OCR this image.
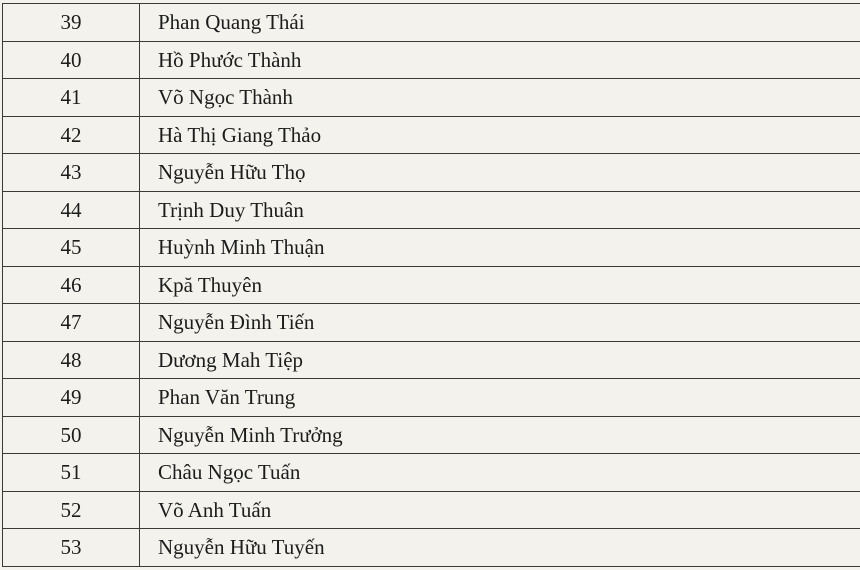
39	Phan Quang Thái
40	Hồ Phước Thành
41	Võ Ngọc Thành
42	Hà Thị Giang Thảo
43	Nguyễn Hữu Thọ
44	Trịnh Duy Thuân
45	Huỳnh Minh Thuận
46	Kpă Thuyên
47	Nguyễn Đình Tiến
48	Dương Mah Tiệp
49	Phan Văn Trung
50	Nguyễn Minh Trưởng
51	Châu Ngọc Tuấn
52	Võ Anh Tuấn
53	Nguyễn Hữu Tuyến
